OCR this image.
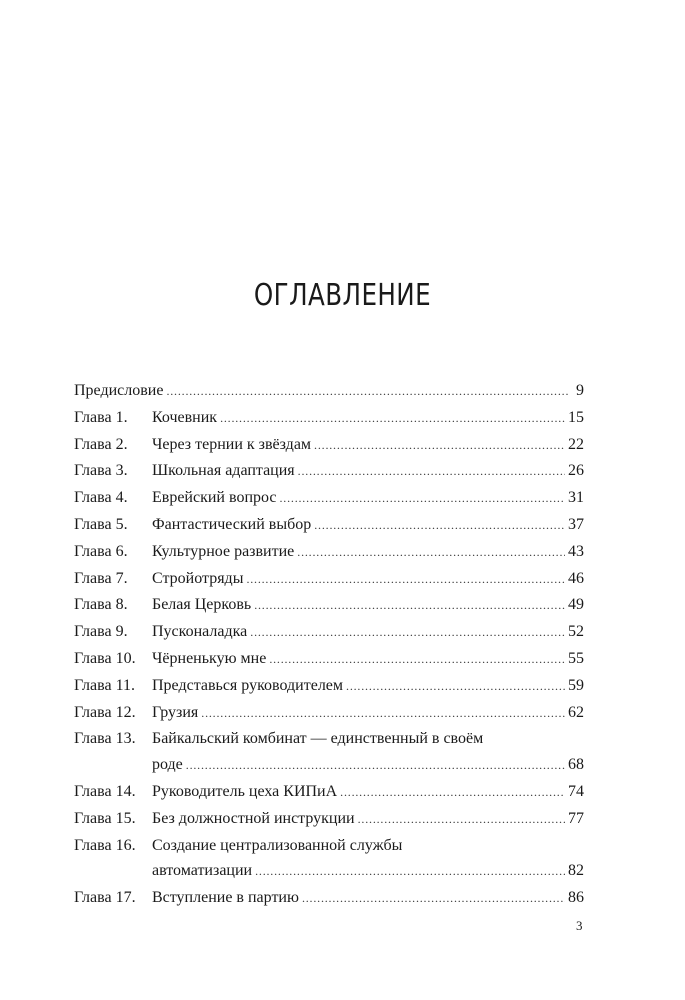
ОГЛАВЛЕНИЕ
Предисловие .....	9
Глава 1.	Кочевник .....	15
Глава 2.	Через тернии к звёздам .....	22
Глава 3.	Школьная адаптация .....	26
Глава 4.	Еврейский вопрос .....	31
Глава 5.	Фантастический выбор .....	37
Глава 6.	Культурное развитие .....	43
Глава 7.	Стройотряды .....	46
Глава 8.	Белая Церковь .....	49
Глава 9.	Пусконаладка .....	52
Глава 10.	Чёрненькую мне .....	55
Глава 11.	Представься руководителем .....	59
Глава 12.	Грузия .....	62
Глава 13.	Байкальский комбинат — единственный в своём
роде .....	68
Глава 14.	Руководитель цеха КИПиА .....	74
Глава 15.	Без должностной инструкции .....	77
Глава 16.	Создание централизованной службы
автоматизации .....	82
Глава 17.	Вступление в партию .....	86
3
